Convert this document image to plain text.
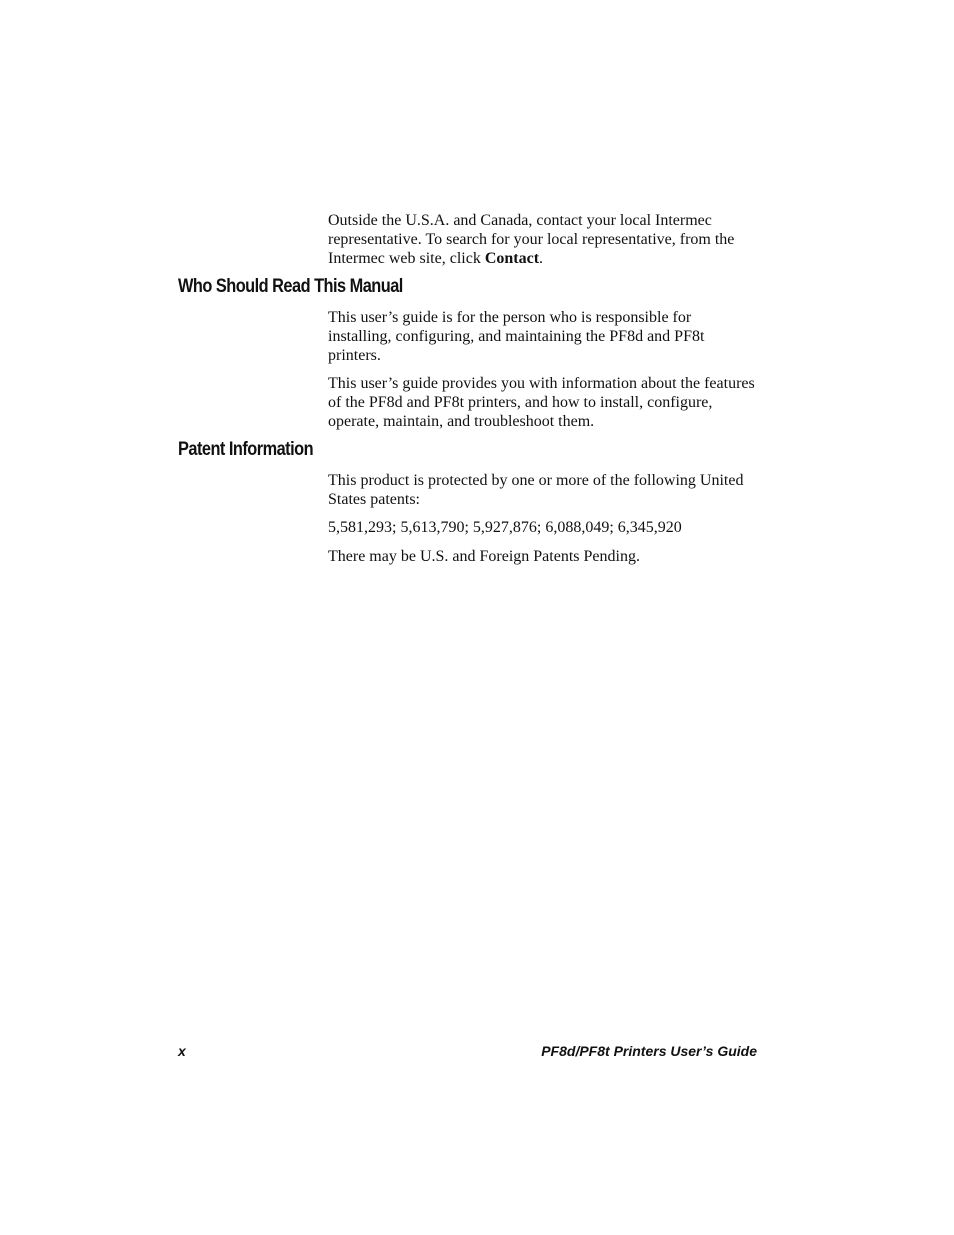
Outside the U.S.A. and Canada, contact your local Intermec representative. To search for your local representative, from the Intermec web site, click Contact.

Who Should Read This Manual

This user’s guide is for the person who is responsible for installing, configuring, and maintaining the PF8d and PF8t printers.

This user’s guide provides you with information about the features of the PF8d and PF8t printers, and how to install, configure, operate, maintain, and troubleshoot them.

Patent Information

This product is protected by one or more of the following United States patents:

5,581,293; 5,613,790; 5,927,876; 6,088,049; 6,345,920

There may be U.S. and Foreign Patents Pending.

x	PF8d/PF8t Printers User’s Guide
